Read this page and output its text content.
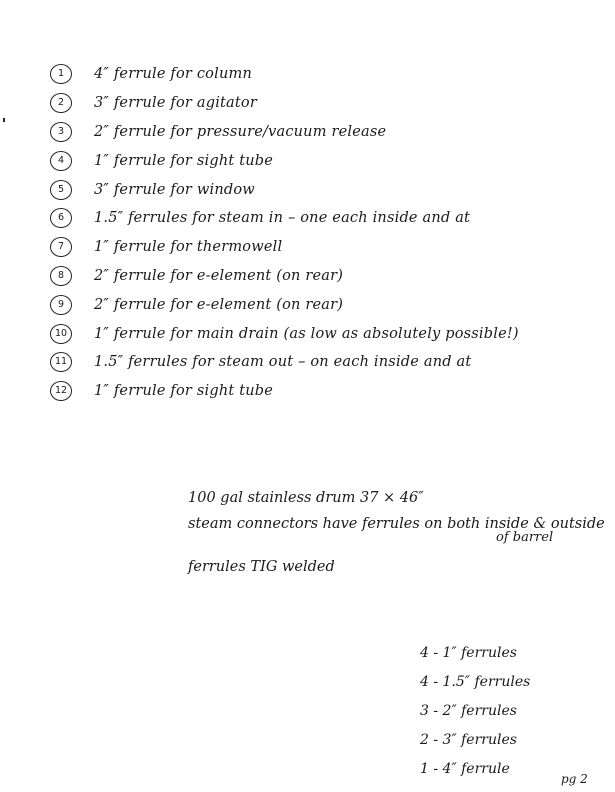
1	4″ ferrule for column
2	3″ ferrule for agitator
3	2″ ferrule for pressure/vacuum release
4	1″ ferrule for sight tube
5	3″ ferrule for window
6	1.5″ ferrules for steam in – one each inside and at
7	1″ ferrule for thermowell
8	2″ ferrule for e-element (on rear)
9	2″ ferrule for e-element (on rear)
10	1″ ferrule for main drain (as low as absolutely possible!)
11	1.5″ ferrules for steam out – on each inside and at
12	1″ ferrule for sight tube
100 gal stainless drum 37 × 46″
steam connectors have ferrules on both inside & outside
of barrel
ferrules TIG welded
4 - 1″ ferrules
4 - 1.5″ ferrules
3 - 2″ ferrules
2 - 3″ ferrules
1 - 4″ ferrule
pg 2
